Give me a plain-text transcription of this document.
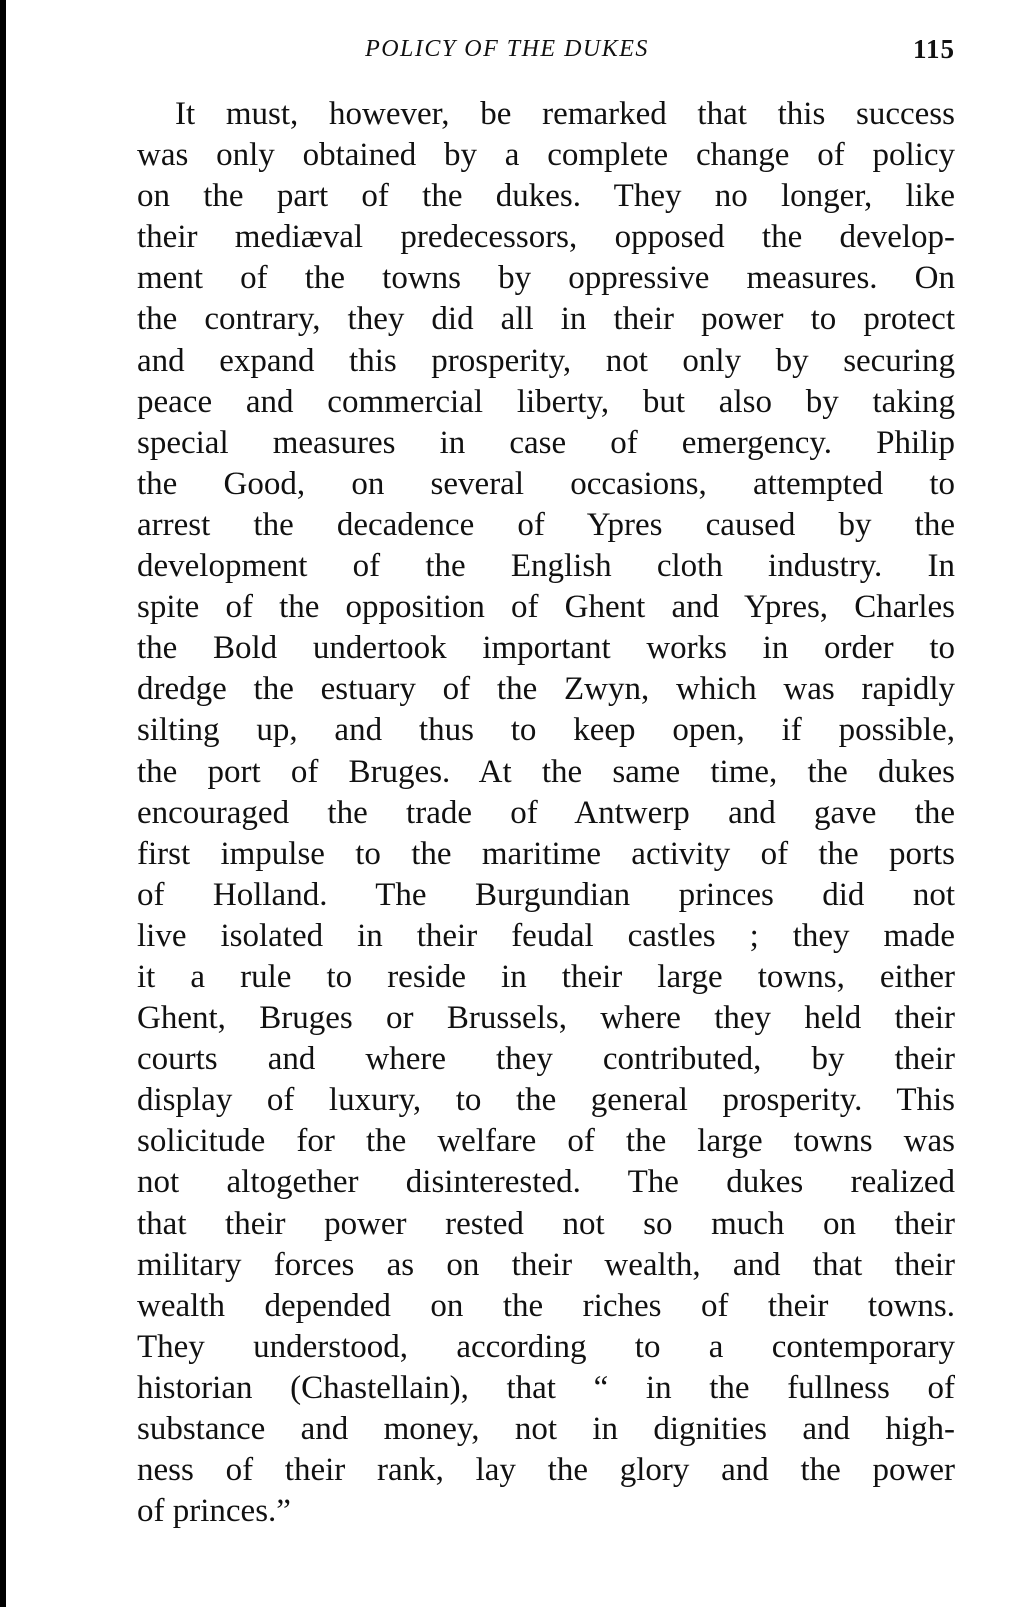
POLICY OF THE DUKES	115
It must, however, be remarked that this success
was only obtained by a complete change of policy
on the part of the dukes. They no longer, like
their mediæval predecessors, opposed the develop-
ment of the towns by oppressive measures. On
the contrary, they did all in their power to protect
and expand this prosperity, not only by securing
peace and commercial liberty, but also by taking
special measures in case of emergency. Philip
the Good, on several occasions, attempted to
arrest the decadence of Ypres caused by the
development of the English cloth industry. In
spite of the opposition of Ghent and Ypres, Charles
the Bold undertook important works in order to
dredge the estuary of the Zwyn, which was rapidly
silting up, and thus to keep open, if possible,
the port of Bruges. At the same time, the dukes
encouraged the trade of Antwerp and gave the
first impulse to the maritime activity of the ports
of Holland. The Burgundian princes did not
live isolated in their feudal castles ; they made
it a rule to reside in their large towns, either
Ghent, Bruges or Brussels, where they held their
courts and where they contributed, by their
display of luxury, to the general prosperity. This
solicitude for the welfare of the large towns was
not altogether disinterested. The dukes realized
that their power rested not so much on their
military forces as on their wealth, and that their
wealth depended on the riches of their towns.
They understood, according to a contemporary
historian (Chastellain), that “ in the fullness of
substance and money, not in dignities and high-
ness of their rank, lay the glory and the power
of princes.”
